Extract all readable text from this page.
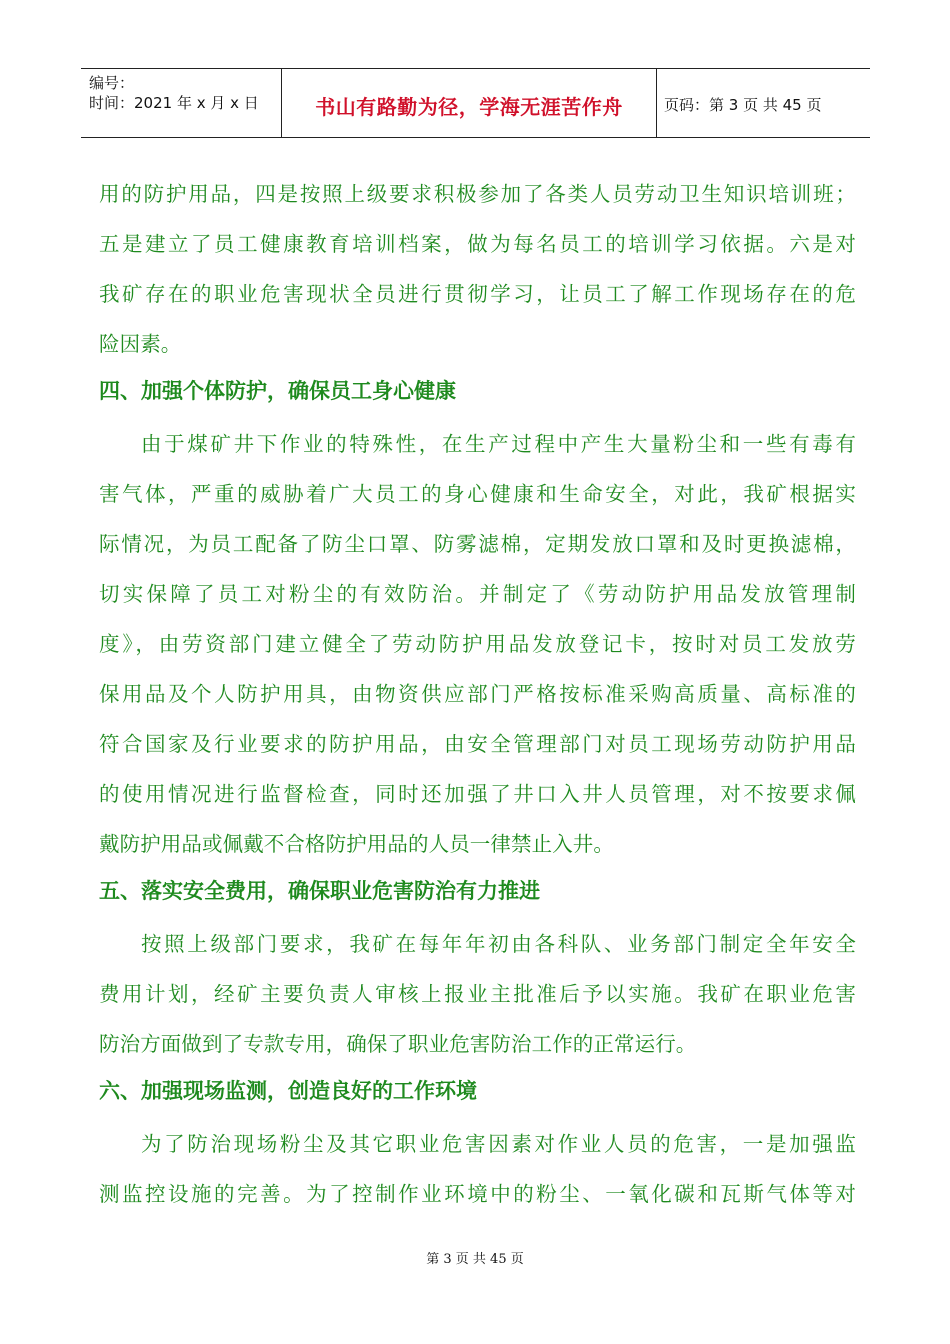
编号：
时间：2021 年 x 月 x 日	书山有路勤为径，学海无涯苦作舟	页码：第 3 页 共 45 页
用的防护用品，四是按照上级要求积极参加了各类人员劳动卫生知识培训班；
五是建立了员工健康教育培训档案，做为每名员工的培训学习依据。六是对
我矿存在的职业危害现状全员进行贯彻学习，让员工了解工作现场存在的危
险因素。
四、加强个体防护，确保员工身心健康
由于煤矿井下作业的特殊性，在生产过程中产生大量粉尘和一些有毒有
害气体，严重的威胁着广大员工的身心健康和生命安全，对此，我矿根据实
际情况，为员工配备了防尘口罩、防雾滤棉，定期发放口罩和及时更换滤棉，
切实保障了员工对粉尘的有效防治。并制定了《劳动防护用品发放管理制
度》，由劳资部门建立健全了劳动防护用品发放登记卡，按时对员工发放劳
保用品及个人防护用具，由物资供应部门严格按标准采购高质量、高标准的
符合国家及行业要求的防护用品，由安全管理部门对员工现场劳动防护用品
的使用情况进行监督检查，同时还加强了井口入井人员管理，对不按要求佩
戴防护用品或佩戴不合格防护用品的人员一律禁止入井。
五、落实安全费用，确保职业危害防治有力推进
按照上级部门要求，我矿在每年年初由各科队、业务部门制定全年安全
费用计划，经矿主要负责人审核上报业主批准后予以实施。我矿在职业危害
防治方面做到了专款专用，确保了职业危害防治工作的正常运行。
六、加强现场监测，创造良好的工作环境
为了防治现场粉尘及其它职业危害因素对作业人员的危害，一是加强监
测监控设施的完善。为了控制作业环境中的粉尘、一氧化碳和瓦斯气体等对
第 3 页 共 45 页
